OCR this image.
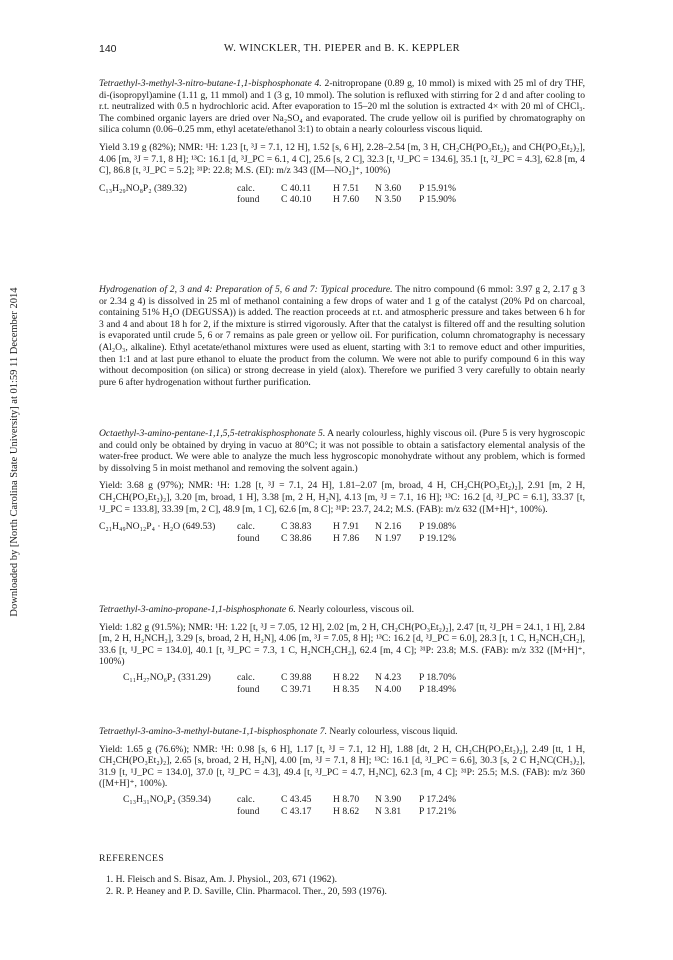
Downloaded by [North Carolina State University] at 01:59 11 December 2014
140	W. WINCKLER, TH. PIEPER and B. K. KEPPLER

Tetraethyl-3-methyl-3-nitro-butane-1,1-bisphosphonate 4. 2-nitropropane (0.89 g, 10 mmol) is mixed with 25 ml of dry THF, di-(isopropyl)amine (1.11 g, 11 mmol) and 1 (3 g, 10 mmol). The solution is refluxed with stirring for 2 d and after cooling to r.t. neutralized with 0.5 n hydrochloric acid. After evaporation to 15–20 ml the solution is extracted 4× with 20 ml of CHCl₃. The combined organic layers are dried over Na₂SO₄ and evaporated. The crude yellow oil is purified by chromatography on silica column (0.06–0.25 mm, ethyl acetate/ethanol 3:1) to obtain a nearly colourless viscous liquid.

Yield 3.19 g (82%); NMR: ¹H: 1.23 [t, ³J = 7.1, 12 H], 1.52 [s, 6 H], 2.28–2.54 [m, 3 H, CH₂CH(PO₃Et₂)₂ and CH(PO₃Et₂)₂], 4.06 [m, ³J = 7.1, 8 H]; ¹³C: 16.1 [d, ³J_PC = 6.1, 4 C], 25.6 [s, 2 C], 32.3 [t, ¹J_PC = 134.6], 35.1 [t, ²J_PC = 4.3], 62.8 [m, 4 C], 86.8 [t, ³J_PC = 5.2]; ³¹P: 22.8; M.S. (EI): m/z 343 ([M—NO₂]⁺, 100%)

C₁₃H₂₉NO₈P₂ (389.32)	calc.	C 40.11	H 7.51	N 3.60	P 15.91%
	found	C 40.10	H 7.60	N 3.50	P 15.90%

Hydrogenation of 2, 3 and 4: Preparation of 5, 6 and 7: Typical procedure. The nitro compound (6 mmol: 3.97 g 2, 2.17 g 3 or 2.34 g 4) is dissolved in 25 ml of methanol containing a few drops of water and 1 g of the catalyst (20% Pd on charcoal, containing 51% H₂O (DEGUSSA)) is added. The reaction proceeds at r.t. and atmospheric pressure and takes between 6 h for 3 and 4 and about 18 h for 2, if the mixture is stirred vigorously. After that the catalyst is filtered off and the resulting solution is evaporated until crude 5, 6 or 7 remains as pale green or yellow oil. For purification, column chromatography is necessary (Al₂O₃, alkaline). Ethyl acetate/ethanol mixtures were used as eluent, starting with 3:1 to remove educt and other impurities, then 1:1 and at last pure ethanol to eluate the product from the column. We were not able to purify compound 6 in this way without decomposition (on silica) or strong decrease in yield (alox). Therefore we purified 3 very carefully to obtain nearly pure 6 after hydrogenation without further purification.

Octaethyl-3-amino-pentane-1,1,5,5-tetrakisphosphonate 5. A nearly colourless, highly viscous oil. (Pure 5 is very hygroscopic and could only be obtained by drying in vacuo at 80°C; it was not possible to obtain a satisfactory elemental analysis of the water-free product. We were able to analyze the much less hygroscopic monohydrate without any problem, which is formed by dissolving 5 in moist methanol and removing the solvent again.)

Yield: 3.68 g (97%); NMR: ¹H: 1.28 [t, ³J = 7.1, 24 H], 1.81–2.07 [m, broad, 4 H, CH₂CH(PO₃Et₂)₂], 2.91 [m, 2 H, CH₂CH(PO₃Et₂)₂], 3.20 [m, broad, 1 H], 3.38 [m, 2 H, H₂N], 4.13 [m, ³J = 7.1, 16 H]; ¹³C: 16.2 [d, ³J_PC = 6.1], 33.37 [t, ¹J_PC = 133.8], 33.39 [m, 2 C], 48.9 [m, 1 C], 62.6 [m, 8 C]; ³¹P: 23.7, 24.2; M.S. (FAB): m/z 632 ([M+H]⁺, 100%).

C₂₁H₄₉NO₁₂P₄ · H₂O (649.53)	calc.	C 38.83	H 7.91	N 2.16	P 19.08%
	found	C 38.86	H 7.86	N 1.97	P 19.12%

Tetraethyl-3-amino-propane-1,1-bisphosphonate 6. Nearly colourless, viscous oil.

Yield: 1.82 g (91.5%); NMR: ¹H: 1.22 [t, ³J = 7.05, 12 H], 2.02 [m, 2 H, CH₂CH(PO₃Et₂)₂], 2.47 [tt, ²J_PH = 24.1, 1 H], 2.84 [m, 2 H, H₂NCH₂], 3.29 [s, broad, 2 H, H₂N], 4.06 [m, ³J = 7.05, 8 H]; ¹³C: 16.2 [d, ³J_PC = 6.0], 28.3 [t, 1 C, H₂NCH₂CH₂], 33.6 [t, ¹J_PC = 134.0], 40.1 [t, ³J_PC = 7.3, 1 C, H₂NCH₂CH₂], 62.4 [m, 4 C]; ³¹P: 23.8; M.S. (FAB): m/z 332 ([M+H]⁺, 100%)

C₁₁H₂₇NO₆P₂ (331.29)	calc.	C 39.88	H 8.22	N 4.23	P 18.70%
	found	C 39.71	H 8.35	N 4.00	P 18.49%

Tetraethyl-3-amino-3-methyl-butane-1,1-bisphosphonate 7. Nearly colourless, viscous liquid.

Yield: 1.65 g (76.6%); NMR: ¹H: 0.98 [s, 6 H], 1.17 [t, ³J = 7.1, 12 H], 1.88 [dt, 2 H, CH₂CH(PO₃Et₂)₂], 2.49 [tt, 1 H, CH₂CH(PO₃Et₂)₂], 2.65 [s, broad, 2 H, H₂N], 4.00 [m, ³J = 7.1, 8 H]; ¹³C: 16.1 [d, ³J_PC = 6.6], 30.3 [s, 2 C H₂NC(CH₃)₂], 31.9 [t, ¹J_PC = 134.0], 37.0 [t, ²J_PC = 4.3], 49.4 [t, ³J_PC = 4.7, H₂NC], 62.3 [m, 4 C]; ³¹P: 25.5; M.S. (FAB): m/z 360 ([M+H]⁺, 100%).

C₁₃H₃₁NO₆P₂ (359.34)	calc.	C 43.45	H 8.70	N 3.90	P 17.24%
	found	C 43.17	H 8.62	N 3.81	P 17.21%
REFERENCES
1. H. Fleisch and S. Bisaz, Am. J. Physiol., 203, 671 (1962).
2. R. P. Heaney and P. D. Saville, Clin. Pharmacol. Ther., 20, 593 (1976).
